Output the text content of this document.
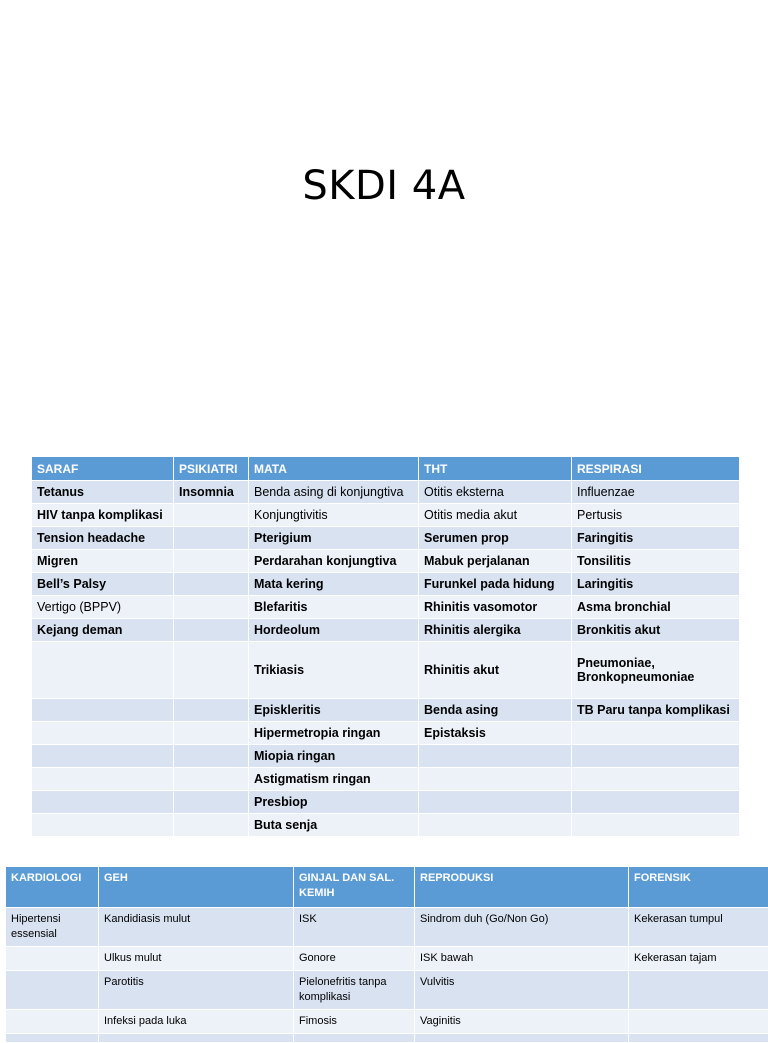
SKDI 4A
SARAF	PSIKIATRI	MATA	THT	RESPIRASI
Tetanus	Insomnia	Benda asing di konjungtiva	Otitis eksterna	Influenzae
HIV tanpa komplikasi		Konjungtivitis	Otitis media akut	Pertusis
Tension headache		Pterigium	Serumen prop	Faringitis
Migren		Perdarahan konjungtiva	Mabuk perjalanan	Tonsilitis
Bell’s Palsy		Mata kering	Furunkel pada hidung	Laringitis
Vertigo (BPPV)		Blefaritis	Rhinitis vasomotor	Asma bronchial
Kejang deman		Hordeolum	Rhinitis alergika	Bronkitis akut
		Trikiasis	Rhinitis akut	Pneumoniae, Bronkopneumoniae
		Episkleritis	Benda asing	TB Paru tanpa komplikasi
		Hipermetropia ringan	Epistaksis	
		Miopia ringan		
		Astigmatism ringan		
		Presbiop		
		Buta senja		
KARDIOLOGI	GEH	GINJAL DAN SAL. KEMIH	REPRODUKSI	FORENSIK
Hipertensi essensial	Kandidiasis mulut	ISK	Sindrom duh (Go/Non Go)	Kekerasan tumpul
	Ulkus mulut	Gonore	ISK bawah	Kekerasan tajam
	Parotitis	Pielonefritis tanpa komplikasi	Vulvitis	
	Infeksi pada luka	Fimosis	Vaginitis	
